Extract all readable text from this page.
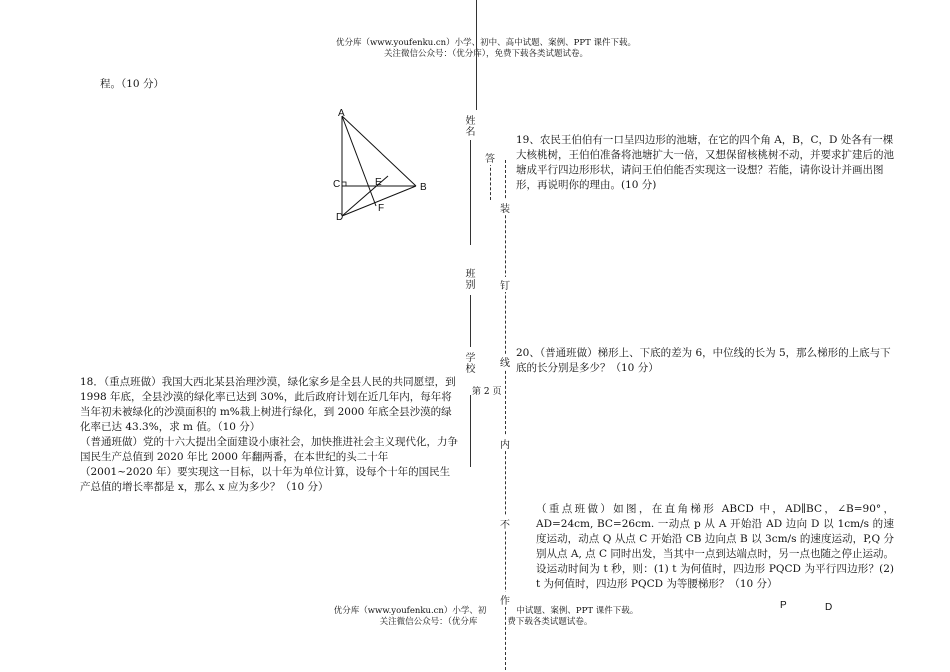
优分库（www.youfenku.cn）小学、初中、高中试题、案例、PPT 课件下载。
关注微信公众号：（优分库），免费下载各类试题试卷。
程。（10 分）
A
B
C
D
E
F
18．（重点班做）我国大西北某县治理沙漠，绿化家乡是全县人民的共同愿望，到 1998 年底，全县沙漠的绿化率已达到 30%，此后政府计划在近几年内，每年将当年初未被绿化的沙漠面积的 m%栽上树进行绿化，到 2000 年底全县沙漠的绿化率已达 43.3%，求 m 值。（10 分）
（普通班做）党的十六大提出全面建设小康社会，加快推进社会主义现代化，力争国民生产总值到 2020 年比 2000 年翻两番，在本世纪的头二十年（2001~2020 年）要实现这一目标，以十年为单位计算，设每个十年的国民生产总值的增长率都是 x，那么 x 应为多少？（10 分）
姓名
班别
学校
第 2 页
答
装
钉
线
内
不
作
19、农民王伯伯有一口呈四边形的池塘，在它的四个角 A，B，C，D 处各有一棵大核桃树，王伯伯准备将池塘扩大一倍，又想保留核桃树不动，并要求扩建后的池塘成平行四边形形状，请问王伯伯能否实现这一设想？若能，请你设计并画出图形，再说明你的理由。(10 分)
20、（普通班做）梯形上、下底的差为 6，中位线的长为 5，那么梯形的上底与下底的长分别是多少？（10 分）
（重点班做）如图，在直角梯形 ABCD 中，AD∥BC，∠B=90°，AD=24cm, BC=26cm. 一动点 p 从 A 开始沿 AD 边向 D 以 1cm/s 的速度运动，动点 Q 从点 C 开始沿 CB 边向点 B 以 3cm/s 的速度运动，P,Q 分别从点 A, 点 C 同时出发，当其中一点到达端点时，另一点也随之停止运动。设运动时间为 t 秒，则：(1) t 为何值时，四边形 PQCD 为平行四边形？(2) t 为何值时，四边形 PQCD 为等腰梯形？（10 分）
P	D
优分库（www.youfenku.cn）小学、初	中试题、案例、PPT 课件下载。
关注微信公众号：（优分库	费下载各类试题试卷。
